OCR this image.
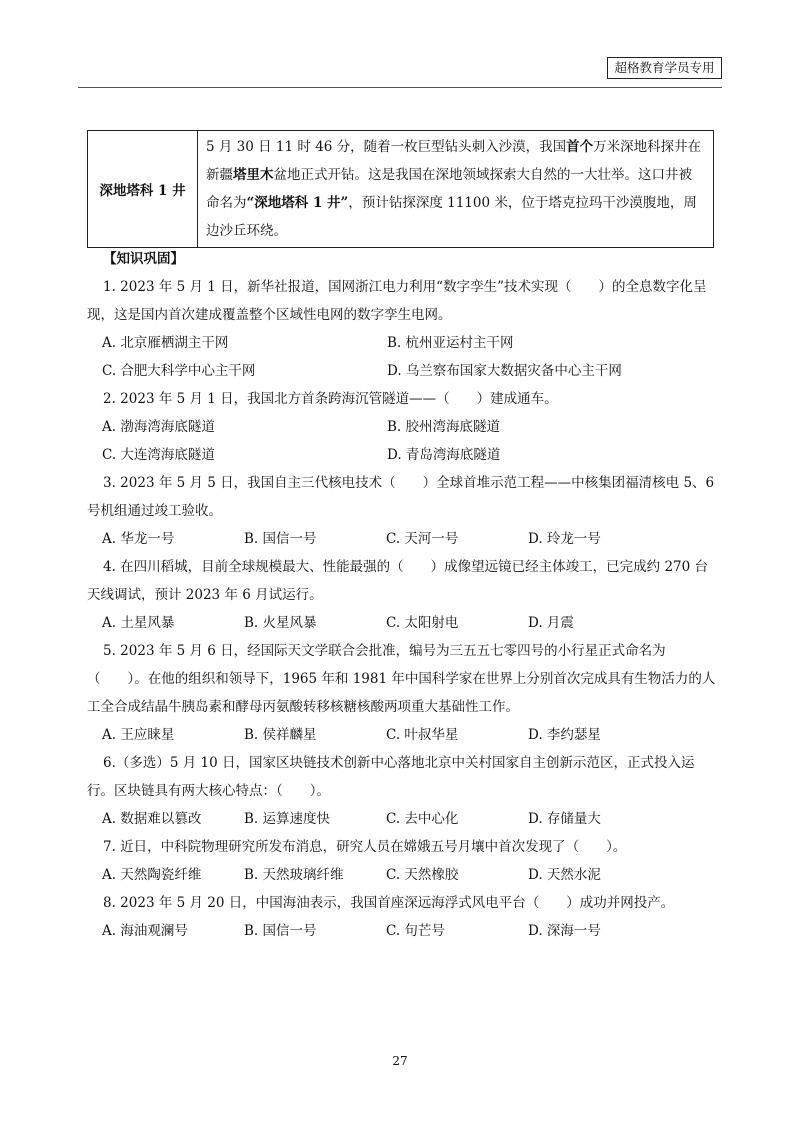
超格教育学员专用
深地塔科 1 井	5 月 30 日 11 时 46 分，随着一枚巨型钻头刺入沙漠，我国首个万米深地科探井在新疆塔里木盆地正式开钻。这是我国在深地领域探索大自然的一大壮举。这口井被命名为“深地塔科 1 井”，预计钻探深度 11100 米，位于塔克拉玛干沙漠腹地，周边沙丘环绕。
【知识巩固】

1. 2023 年 5 月 1 日，新华社报道，国网浙江电力利用“数字孪生”技术实现（　　）的全息数字化呈现，这是国内首次建成覆盖整个区域性电网的数字孪生电网。

A. 北京雁栖湖主干网	B. 杭州亚运村主干网
C. 合肥大科学中心主干网	D. 乌兰察布国家大数据灾备中心主干网

2. 2023 年 5 月 1 日，我国北方首条跨海沉管隧道——（　　）建成通车。

A. 渤海湾海底隧道	B. 胶州湾海底隧道
C. 大连湾海底隧道	D. 青岛湾海底隧道

3. 2023 年 5 月 5 日，我国自主三代核电技术（　　）全球首堆示范工程——中核集团福清核电 5、6 号机组通过竣工验收。

A. 华龙一号	B. 国信一号	C. 天河一号	D. 玲龙一号

4. 在四川稻城，目前全球规模最大、性能最强的（　　）成像望远镜已经主体竣工，已完成约 270 台天线调试，预计 2023 年 6 月试运行。

A. 土星风暴	B. 火星风暴	C. 太阳射电	D. 月震

5. 2023 年 5 月 6 日，经国际天文学联合会批准，编号为三五五七零四号的小行星正式命名为（　　）。在他的组织和领导下，1965 年和 1981 年中国科学家在世界上分别首次完成具有生物活力的人工全合成结晶牛胰岛素和酵母丙氨酸转移核糖核酸两项重大基础性工作。

A. 王应睐星	B. 侯祥麟星	C. 叶叔华星	D. 李约瑟星

6.（多选）5 月 10 日，国家区块链技术创新中心落地北京中关村国家自主创新示范区，正式投入运行。区块链具有两大核心特点：（　　）。

A. 数据难以篡改	B. 运算速度快	C. 去中心化	D. 存储量大

7. 近日，中科院物理研究所发布消息，研究人员在嫦娥五号月壤中首次发现了（　　）。

A. 天然陶瓷纤维	B. 天然玻璃纤维	C. 天然橡胶	D. 天然水泥

8. 2023 年 5 月 20 日，中国海油表示，我国首座深远海浮式风电平台（　　）成功并网投产。

A. 海油观澜号	B. 国信一号	C. 句芒号	D. 深海一号
27
